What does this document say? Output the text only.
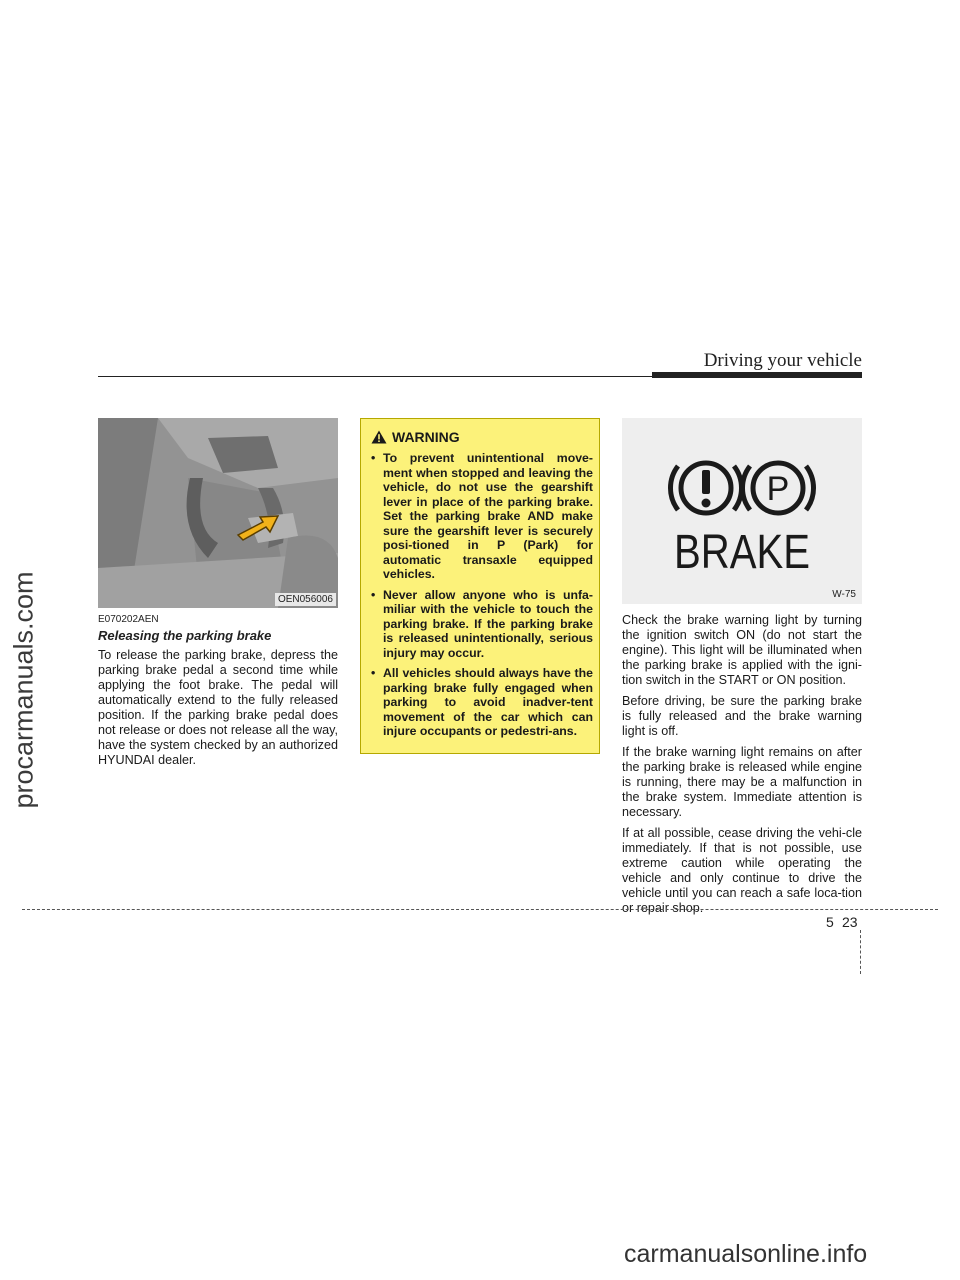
procarmanuals.com
Driving your vehicle
OEN056006
E070202AEN
Releasing the parking brake

To release the parking brake, depress the parking brake pedal a second time while applying the foot brake. The pedal will automatically extend to the fully released position. If the parking brake pedal does not release or does not release all the way, have the system checked by an authorized HYUNDAI dealer.

WARNING
• To prevent unintentional move-ment when stopped and leaving the vehicle, do not use the gearshift lever in place of the parking brake. Set the parking brake AND make sure the gearshift lever is securely posi-tioned in P (Park) for automatic transaxle equipped vehicles.
• Never allow anyone who is unfa-miliar with the vehicle to touch the parking brake. If the parking brake is released unintentionally, serious injury may occur.
• All vehicles should always have the parking brake fully engaged when parking to avoid inadver-tent movement of the car which can injure occupants or pedestri-ans.
P
BRAKE
W-75

Check the brake warning light by turning the ignition switch ON (do not start the engine). This light will be illuminated when the parking brake is applied with the igni-tion switch in the START or ON position.

Before driving, be sure the parking brake is fully released and the brake warning light is off.

If the brake warning light remains on after the parking brake is released while engine is running, there may be a malfunction in the brake system. Immediate attention is necessary.

If at all possible, cease driving the vehi-cle immediately. If that is not possible, use extreme caution while operating the vehicle and only continue to drive the vehicle until you can reach a safe loca-tion or repair shop.

5 23
carmanualsonline.info
